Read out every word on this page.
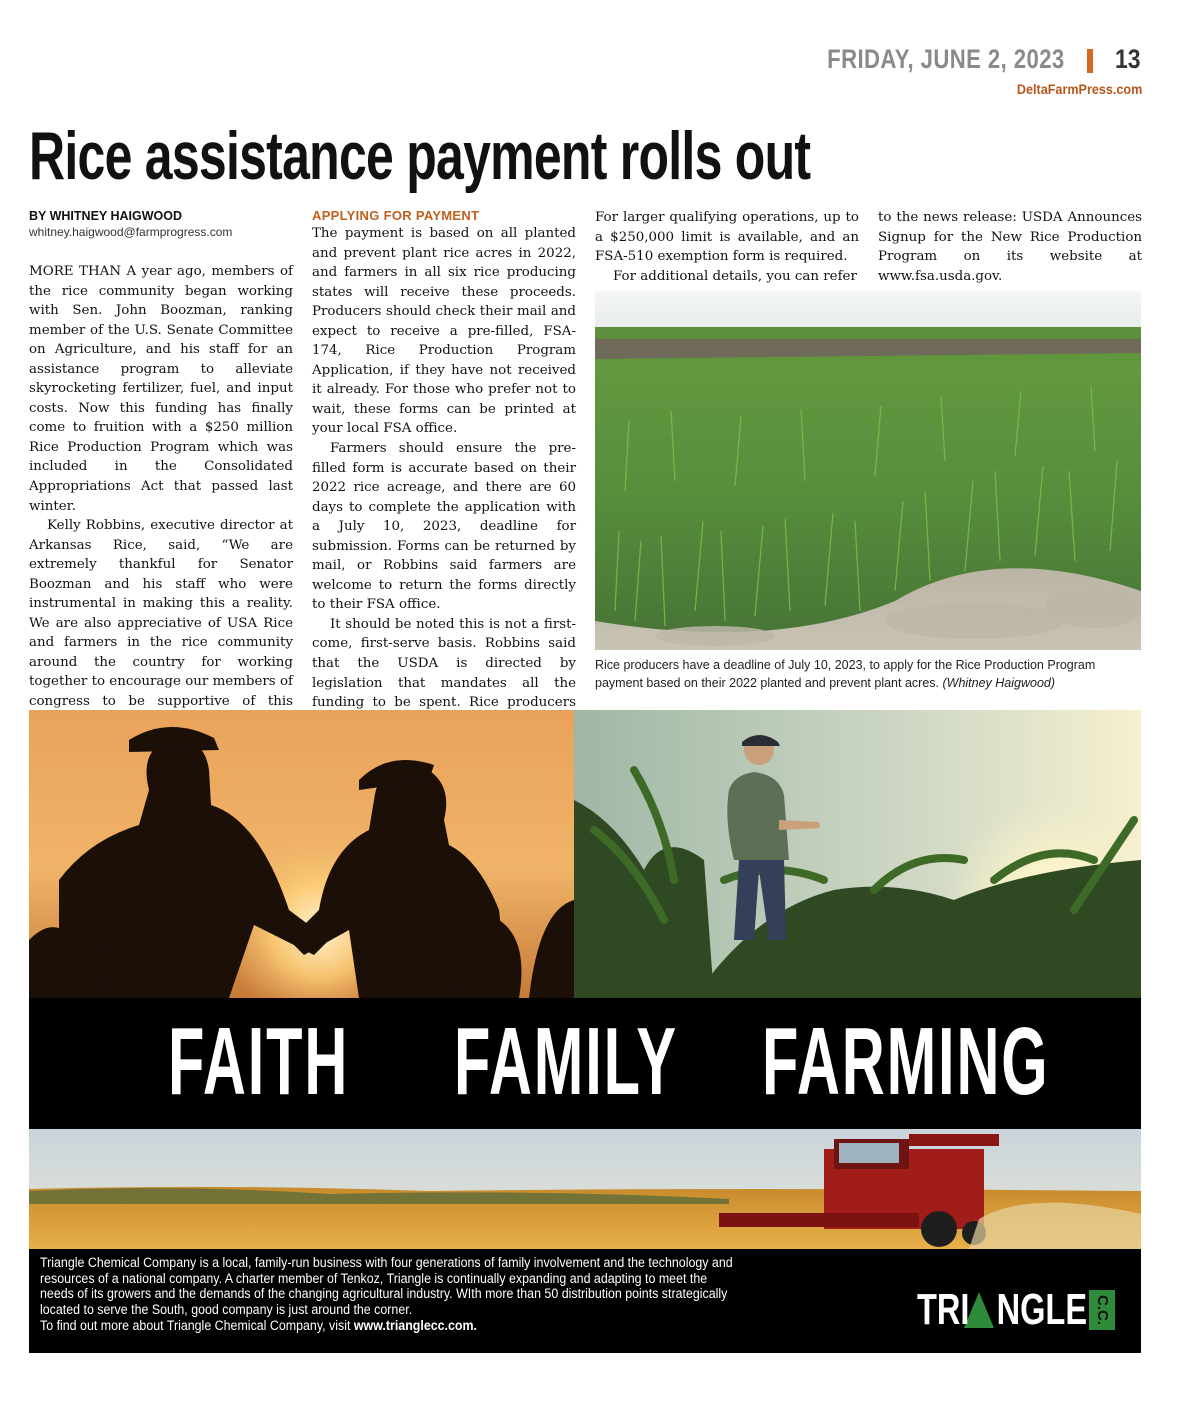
FRIDAY, JUNE 2, 2023 13
DeltaFarmPress.com
Rice assistance payment rolls out

BY WHITNEY HAIGWOOD

whitney.haigwood@farmprogress.com

MORE THAN A year ago, members of the rice community began working with Sen. John Boozman, ranking member of the U.S. Senate Committee on Agriculture, and his staff for an assistance program to alleviate skyrocketing fertilizer, fuel, and input costs. Now this funding has finally come to fruition with a $250 million Rice Production Program which was included in the Consolidated Appropriations Act that passed last winter.

Kelly Robbins, executive director at Arkansas Rice, said, “We are extremely thankful for Senator Boozman and his staff who were instrumental in making this a reality. We are also appreciative of USA Rice and farmers in the rice community around the country for working together to encourage our members of congress to be supportive of this

APPLYING FOR PAYMENT

The payment is based on all planted and prevent plant rice acres in 2022, and farmers in all six rice producing states will receive these proceeds. Producers should check their mail and expect to receive a pre-filled, FSA-174, Rice Production Program Application, if they have not received it already. For those who prefer not to wait, these forms can be printed at your local FSA office.

Farmers should ensure the pre-filled form is accurate based on their 2022 rice acreage, and there are 60 days to complete the application with a July 10, 2023, deadline for submission. Forms can be returned by mail, or Robbins said farmers are welcome to return the forms directly to their FSA office.

It should be noted this is not a first-come, first-serve basis. Robbins said that the USDA is directed by legislation that mandates all the funding to be spent. Rice producers

For larger qualifying operations, up to a $250,000 limit is available, and an FSA-510 exemption form is required.

For additional details, you can refer

to the news release: USDA Announces Signup for the New Rice Production Program on its website at www.fsa.usda.gov.

Rice producers have a deadline of July 10, 2023, to apply for the Rice Production Program payment based on their 2022 planted and prevent plant acres. (Whitney Haigwood)
FAITH FAMILY FARMING
Triangle Chemical Company is a local, family-run business with four generations of family involvement and the technology and resources of a national company. A charter member of Tenkoz, Triangle is continually expanding and adapting to meet the needs of its growers and the demands of the changing agricultural industry. WIth more than 50 distribution points strategically located to serve the South, good company is just around the corner.
To find out more about Triangle Chemical Company, visit www.trianglecc.com.	TRI   NGLE C.C.
